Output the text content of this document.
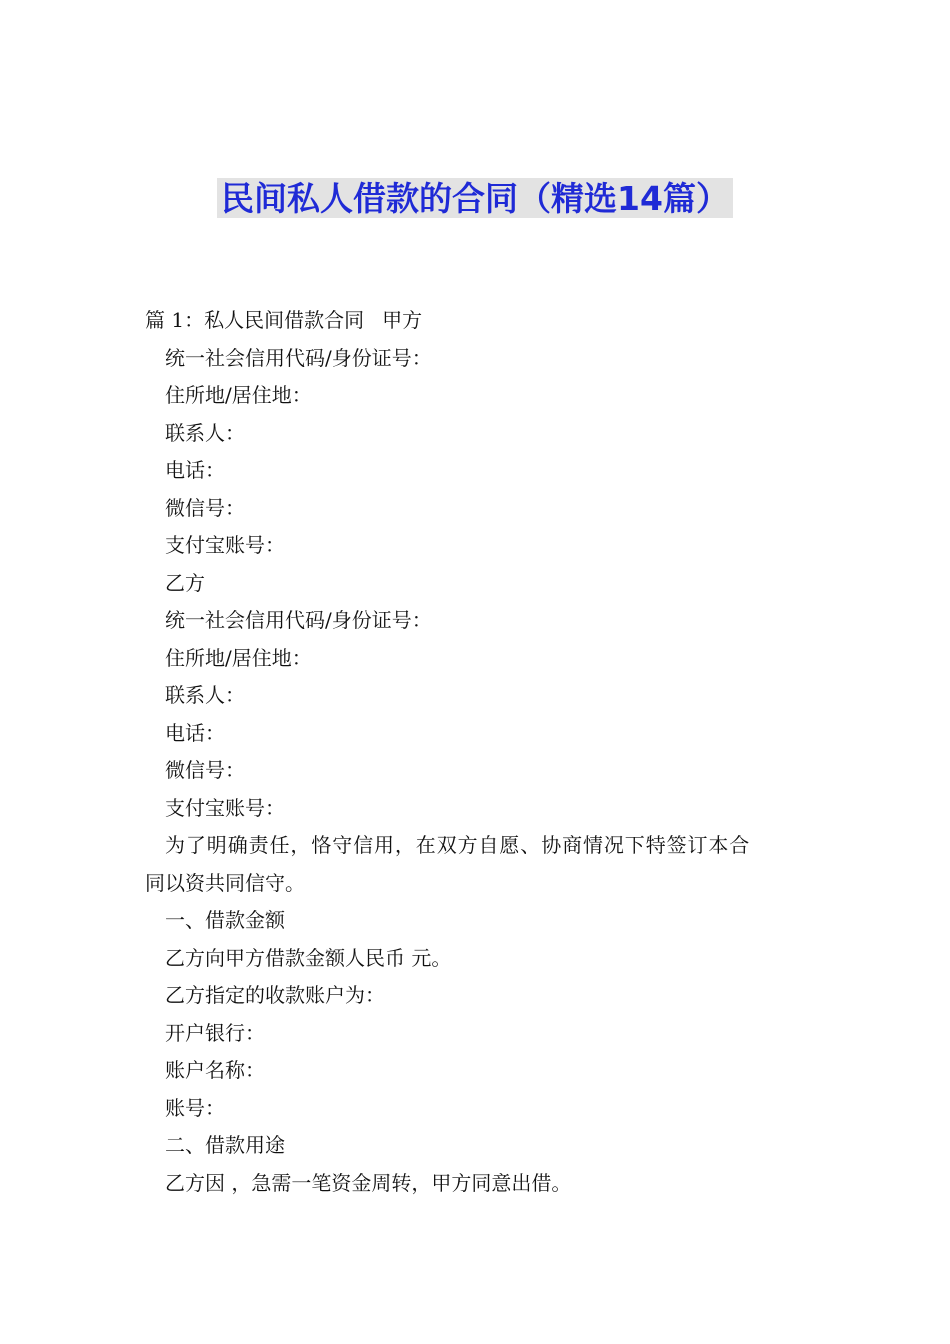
民间私人借款的合同（精选14篇）
篇 1：私人民间借款合同 甲方
统一社会信用代码/身份证号：
住所地/居住地：
联系人：
电话：
微信号：
支付宝账号：
乙方
统一社会信用代码/身份证号：
住所地/居住地：
联系人：
电话：
微信号：
支付宝账号：
为了明确责任，恪守信用，在双方自愿、协商情况下特签订本合
同以资共同信守。
一、借款金额
乙方向甲方借款金额人民币 元。
乙方指定的收款账户为：
开户银行：
账户名称：
账号：
二、借款用途
乙方因 ，急需一笔资金周转，甲方同意出借。
